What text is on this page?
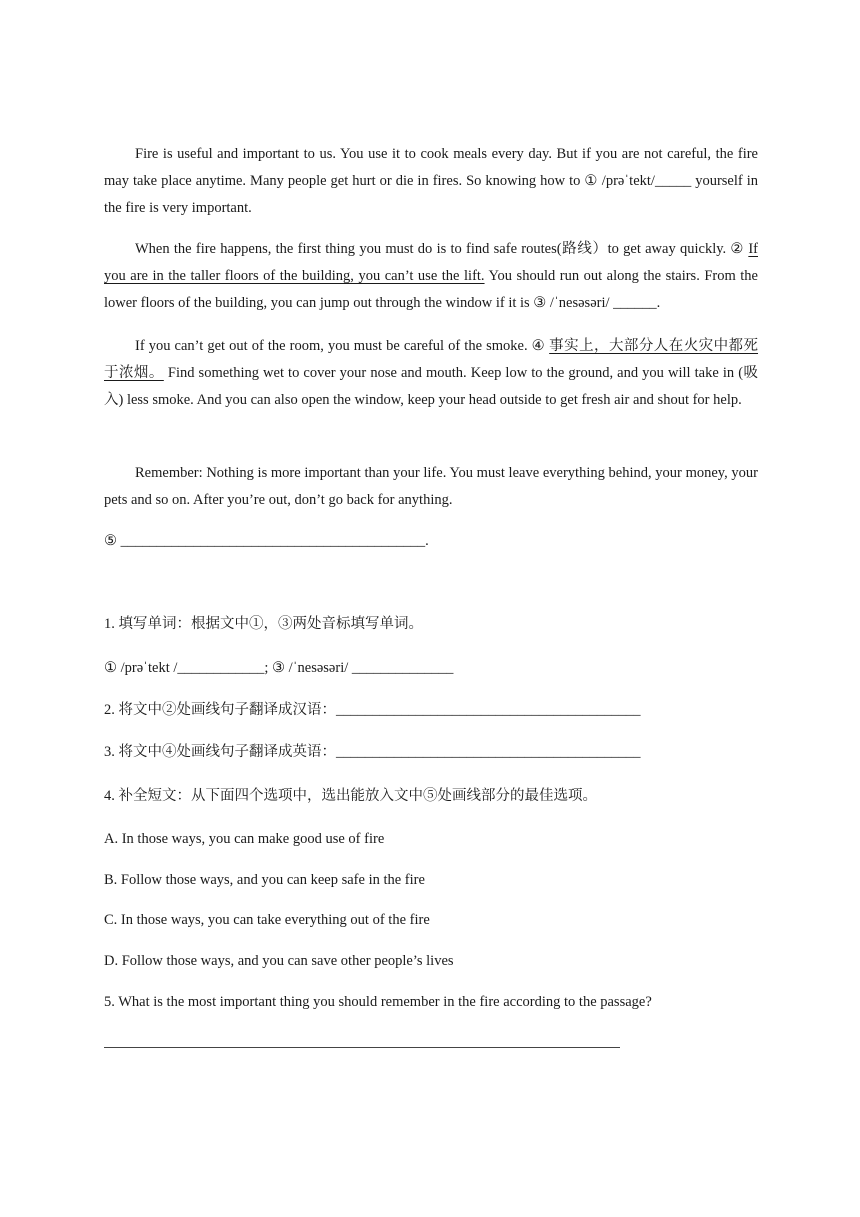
Fire is useful and important to us. You use it to cook meals every day. But if you are not careful, the fire may take place anytime. Many people get hurt or die in fires. So knowing how to ① /prəˈtekt/_____ yourself in the fire is very important.

When the fire happens, the first thing you must do is to find safe routes(路线）to get away quickly. ② If you are in the taller floors of the building, you can’t use the lift. You should run out along the stairs. From the lower floors of the building, you can jump out through the window if it is ③ /ˈnesəsəri/ ______.

If you can’t get out of the room, you must be careful of the smoke. ④ 事实上，大部分人在火灾中都死于浓烟。 Find something wet to cover your nose and mouth. Keep low to the ground, and you will take in (吸入) less smoke. And you can also open the window, keep your head outside to get fresh air and shout for help.

Remember: Nothing is more important than your life. You must leave everything behind, your money, your pets and so on. After you’re out, don’t go back for anything.

⑤ __________________________________________.

1. 填写单词：根据文中①，③两处音标填写单词。

① /prəˈtekt /____________; ③ /ˈnesəsəri/ ______________

2. 将文中②处画线句子翻译成汉语：__________________________________________

3. 将文中④处画线句子翻译成英语：__________________________________________

4. 补全短文：从下面四个选项中，选出能放入文中⑤处画线部分的最佳选项。

A. In those ways, you can make good use of fire

B. Follow those ways, and you can keep safe in the fire

C. In those ways, you can take everything out of the fire

D. Follow those ways, and you can save other people’s lives

5. What is the most important thing you should remember in the fire according to the passage?
